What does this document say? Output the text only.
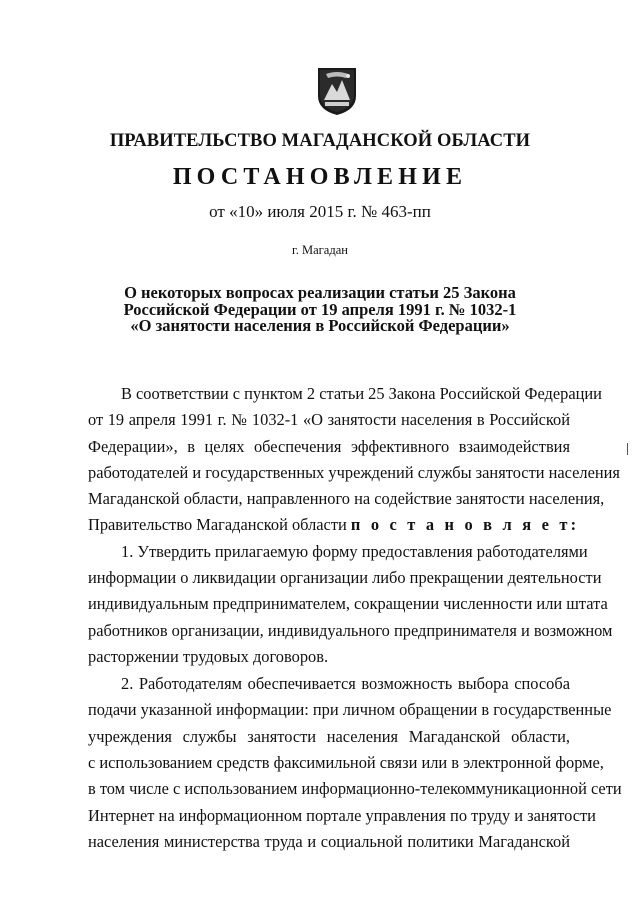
ПРАВИТЕЛЬСТВО МАГАДАНСКОЙ ОБЛАСТИ
ПОСТАНОВЛЕНИЕ
от «10» июля 2015 г. № 463-пп
г. Магадан
О некоторых вопросах реализации статьи 25 Закона
Российской Федерации от 19 апреля 1991 г. № 1032-1
«О занятости населения в Российской Федерации»
В соответствии с пунктом 2 статьи 25 Закона Российской Федерации
от 19 апреля 1991 г. № 1032-1 «О занятости населения в Российской
Федерации», в целях обеспечения эффективного взаимодействия
работодателей и государственных учреждений службы занятости населения
Магаданской области, направленного на содействие занятости населения,
Правительство Магаданской области п о с т а н о в л я е т:
1. Утвердить прилагаемую форму предоставления работодателями
информации о ликвидации организации либо прекращении деятельности
индивидуальным предпринимателем, сокращении численности или штата
работников организации, индивидуального предпринимателя и возможном
расторжении трудовых договоров.
2. Работодателям обеспечивается возможность выбора способа
подачи указанной информации: при личном обращении в государственные
учреждения службы занятости населения Магаданской области,
с использованием средств факсимильной связи или в электронной форме,
в том числе с использованием информационно-телекоммуникационной сети
Интернет на информационном портале управления по труду и занятости
населения министерства труда и социальной политики Магаданской
